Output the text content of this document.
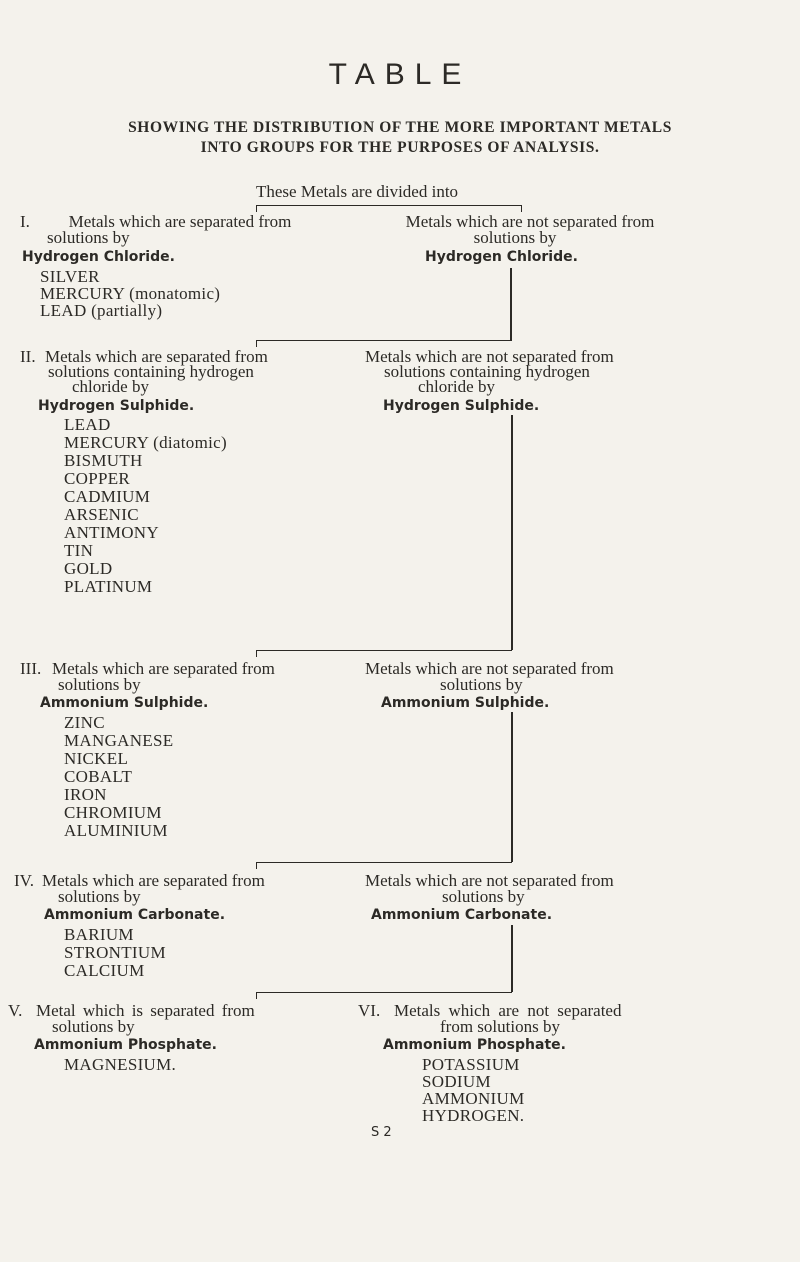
TABLE
SHOWING THE DISTRIBUTION OF THE MORE IMPORTANT METALS
INTO GROUPS FOR THE PURPOSES OF ANALYSIS.
These Metals are divided into
I.	Metals which are separated from
solutions by
Hydrogen Chloride.
SILVER
MERCURY (monatomic)
LEAD (partially)
Metals which are not separated from
solutions by
Hydrogen Chloride.
II. Metals which are separated from
solutions containing hydrogen
chloride by
Hydrogen Sulphide.
LEAD
MERCURY (diatomic)
BISMUTH
COPPER
CADMIUM
ARSENIC
ANTIMONY
TIN
GOLD
PLATINUM
Metals which are not separated from
solutions containing hydrogen
chloride by
Hydrogen Sulphide.
III. Metals which are separated from
solutions by
Ammonium Sulphide.
ZINC
MANGANESE
NICKEL
COBALT
IRON
CHROMIUM
ALUMINIUM
Metals which are not separated from
solutions by
Ammonium Sulphide.
IV. Metals which are separated from
solutions by
Ammonium Carbonate.
BARIUM
STRONTIUM
CALCIUM
Metals which are not separated from
solutions by
Ammonium Carbonate.
V. Metal which is separated from
solutions by
Ammonium Phosphate.
MAGNESIUM.
VI. Metals which are not separated
from solutions by
Ammonium Phosphate.
POTASSIUM
SODIUM
AMMONIUM
HYDROGEN.
S 2
